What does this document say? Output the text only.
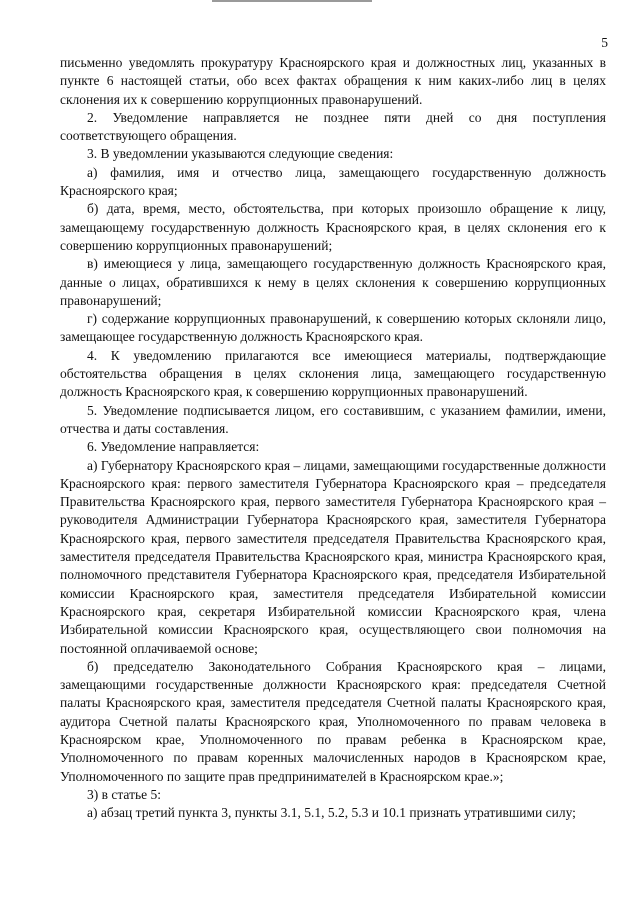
5

письменно уведомлять прокуратуру Красноярского края и должностных лиц, указанных в пункте 6 настоящей статьи, обо всех фактах обращения к ним каких-либо лиц в целях склонения их к совершению коррупционных правонарушений.

2. Уведомление направляется не позднее пяти дней со дня поступления соответствующего обращения.

3. В уведомлении указываются следующие сведения:

а) фамилия, имя и отчество лица, замещающего государственную должность Красноярского края;

б) дата, время, место, обстоятельства, при которых произошло обращение к лицу, замещающему государственную должность Красноярского края, в целях склонения его к совершению коррупционных правонарушений;

в) имеющиеся у лица, замещающего государственную должность Красноярского края, данные о лицах, обратившихся к нему в целях склонения к совершению коррупционных правонарушений;

г) содержание коррупционных правонарушений, к совершению которых склоняли лицо, замещающее государственную должность Красноярского края.

4. К уведомлению прилагаются все имеющиеся материалы, подтверждающие обстоятельства обращения в целях склонения лица, замещающего государственную должность Красноярского края, к совершению коррупционных правонарушений.

5. Уведомление подписывается лицом, его составившим, с указанием фамилии, имени, отчества и даты составления.

6. Уведомление направляется:

а) Губернатору Красноярского края – лицами, замещающими государственные должности Красноярского края: первого заместителя Губернатора Красноярского края – председателя Правительства Красноярского края, первого заместителя Губернатора Красноярского края – руководителя Администрации Губернатора Красноярского края, заместителя Губернатора Красноярского края, первого заместителя председателя Правительства Красноярского края, заместителя председателя Правительства Красноярского края, министра Красноярского края, полномочного представителя Губернатора Красноярского края, председателя Избирательной комиссии Красноярского края, заместителя председателя Избирательной комиссии Красноярского края, секретаря Избирательной комиссии Красноярского края, члена Избирательной комиссии Красноярского края, осуществляющего свои полномочия на постоянной оплачиваемой основе;

б) председателю Законодательного Собрания Красноярского края – лицами, замещающими государственные должности Красноярского края: председателя Счетной палаты Красноярского края, заместителя председателя Счетной палаты Красноярского края, аудитора Счетной палаты Красноярского края, Уполномоченного по правам человека в Красноярском крае, Уполномоченного по правам ребенка в Красноярском крае, Уполномоченного по правам коренных малочисленных народов в Красноярском крае, Уполномоченного по защите прав предпринимателей в Красноярском крае.»;

3) в статье 5:

а) абзац третий пункта 3, пункты 3.1, 5.1, 5.2, 5.3 и 10.1 признать утратившими силу;
